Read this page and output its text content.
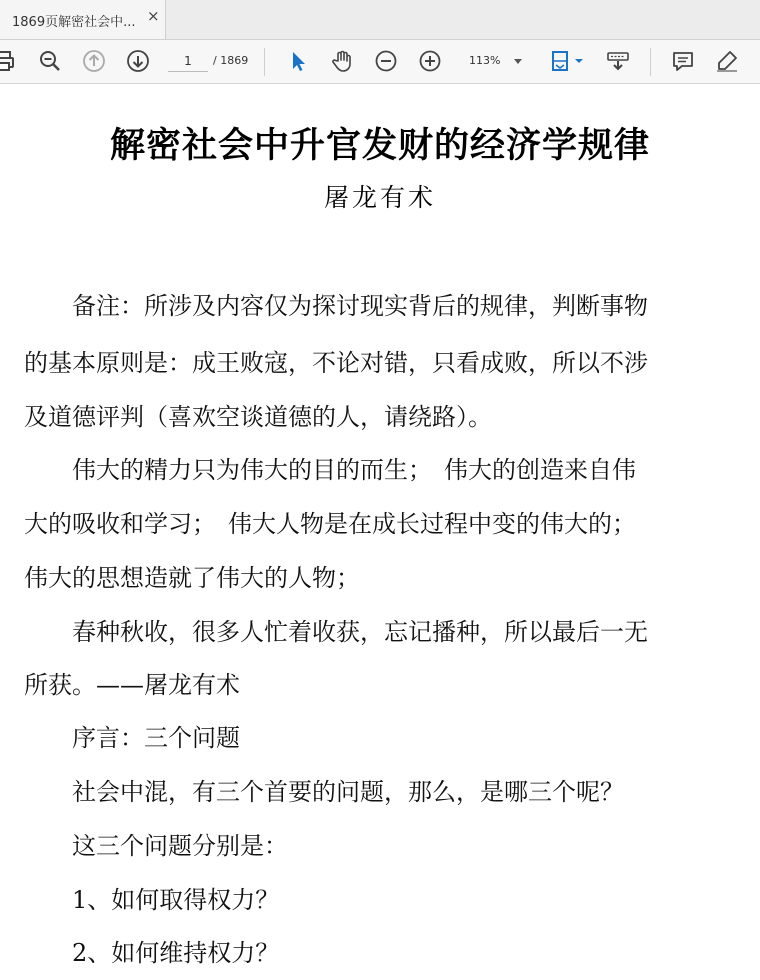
1869页解密社会中... ×
1
/ 1869	113%
解密社会中升官发财的经济学规律
屠龙有术
　　备注：所涉及内容仅为探讨现实背后的规律，判断事物
的基本原则是：成王败寇，不论对错，只看成败，所以不涉
及道德评判（喜欢空谈道德的人，请绕路）。
　　伟大的精力只为伟大的目的而生；　伟大的创造来自伟
大的吸收和学习；　伟大人物是在成长过程中变的伟大的；
伟大的思想造就了伟大的人物；
　　春种秋收，很多人忙着收获，忘记播种，所以最后一无
所获。——屠龙有术
　　序言：三个问题
　　社会中混，有三个首要的问题，那么，是哪三个呢？
　　这三个问题分别是：
　　1、如何取得权力？
　　2、如何维持权力？
